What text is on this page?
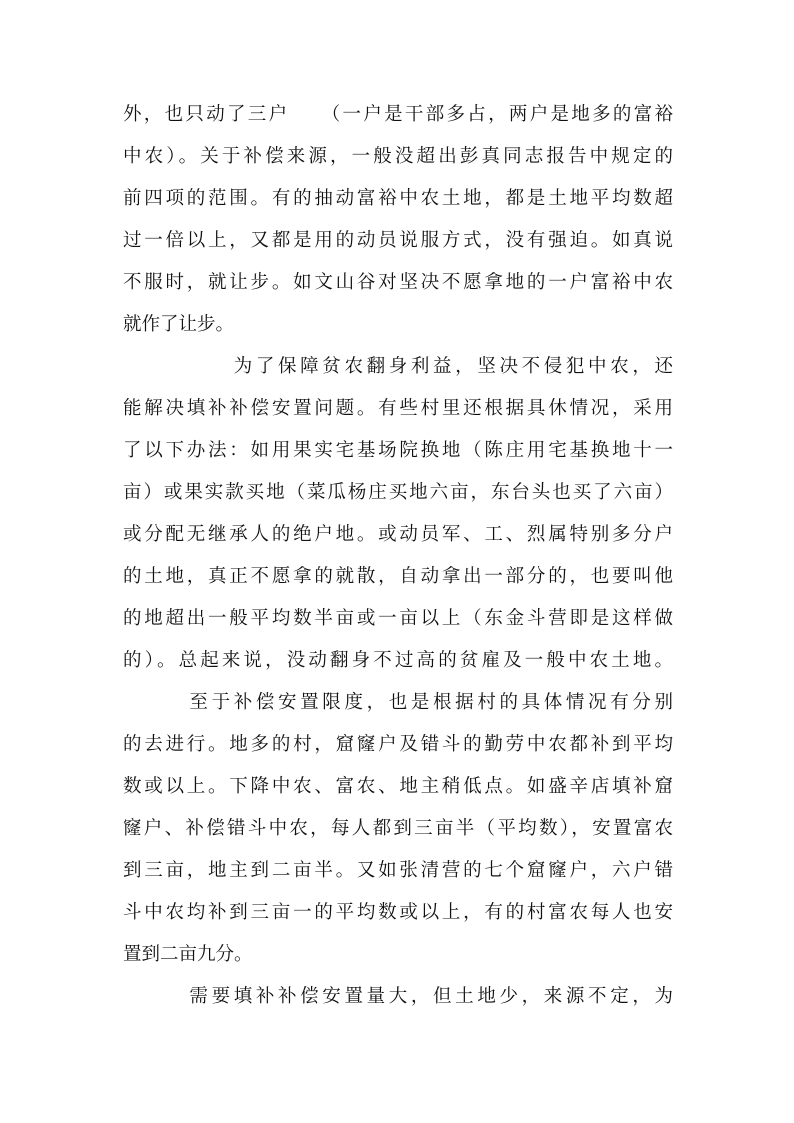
外，也只动了三户　　（一户是干部多占，两户是地多的富裕
中农）。关于补偿来源，一般没超出彭真同志报告中规定的
前四项的范围。有的抽动富裕中农土地，都是土地平均数超
过一倍以上，又都是用的动员说服方式，没有强迫。如真说
不服时，就让步。如文山谷对坚决不愿拿地的一户富裕中农
就作了让步。
　　　　　为了保障贫农翻身利益，坚决不侵犯中农，还
能解决填补补偿安置问题。有些村里还根据具休情况，采用
了以下办法：如用果实宅基场院换地（陈庄用宅基换地十一
亩）或果实款买地（菜瓜杨庄买地六亩，东台头也买了六亩）
或分配无继承人的绝户地。或动员军、工、烈属特别多分户
的土地，真正不愿拿的就散，自动拿出一部分的，也要叫他
的地超出一般平均数半亩或一亩以上（东金斗营即是这样做
的）。总起来说，没动翻身不过高的贫雇及一般中农土地。
　　　至于补偿安置限度，也是根据村的具体情况有分别
的去进行。地多的村，窟窿户及错斗的勤劳中农都补到平均
数或以上。下降中农、富农、地主稍低点。如盛辛店填补窟
窿户、补偿错斗中农，每人都到三亩半（平均数），安置富农
到三亩，地主到二亩半。又如张清营的七个窟窿户，六户错
斗中农均补到三亩一的平均数或以上，有的村富农每人也安
置到二亩九分。
　　　需要填补补偿安置量大，但土地少，来源不定，为
